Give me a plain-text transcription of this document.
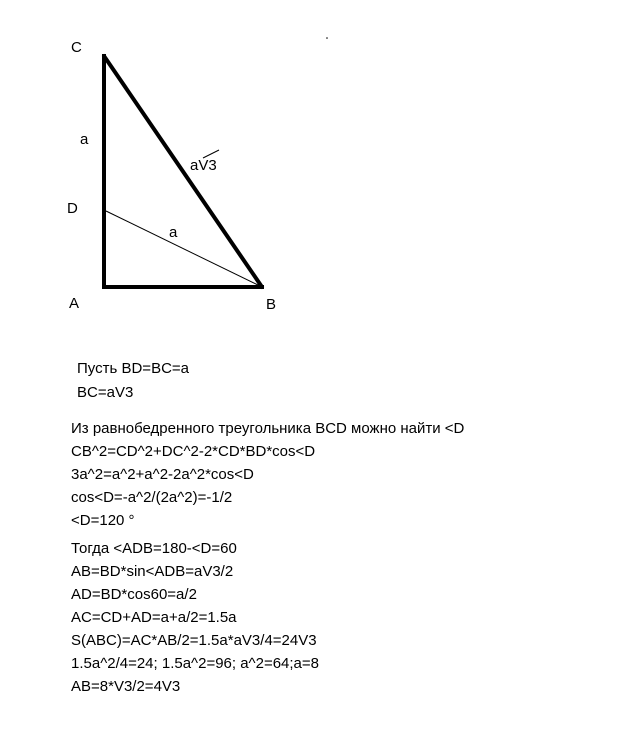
C
D
A	B
a
aV3
a
Пусть BD=BC=a
BC=aV3
Из равнобедренного треугольника BCD можно найти <D
CB^2=CD^2+DC^2-2*CD*BD*cos<D
3a^2=a^2+a^2-2a^2*cos<D
cos<D=-a^2/(2a^2)=-1/2
<D=120 °
Тогда <ADB=180-<D=60
AB=BD*sin<ADB=aV3/2
AD=BD*cos60=a/2
AC=CD+AD=a+a/2=1.5a
S(ABC)=AC*AB/2=1.5a*aV3/4=24V3
1.5a^2/4=24; 1.5a^2=96; a^2=64;a=8
AB=8*V3/2=4V3
